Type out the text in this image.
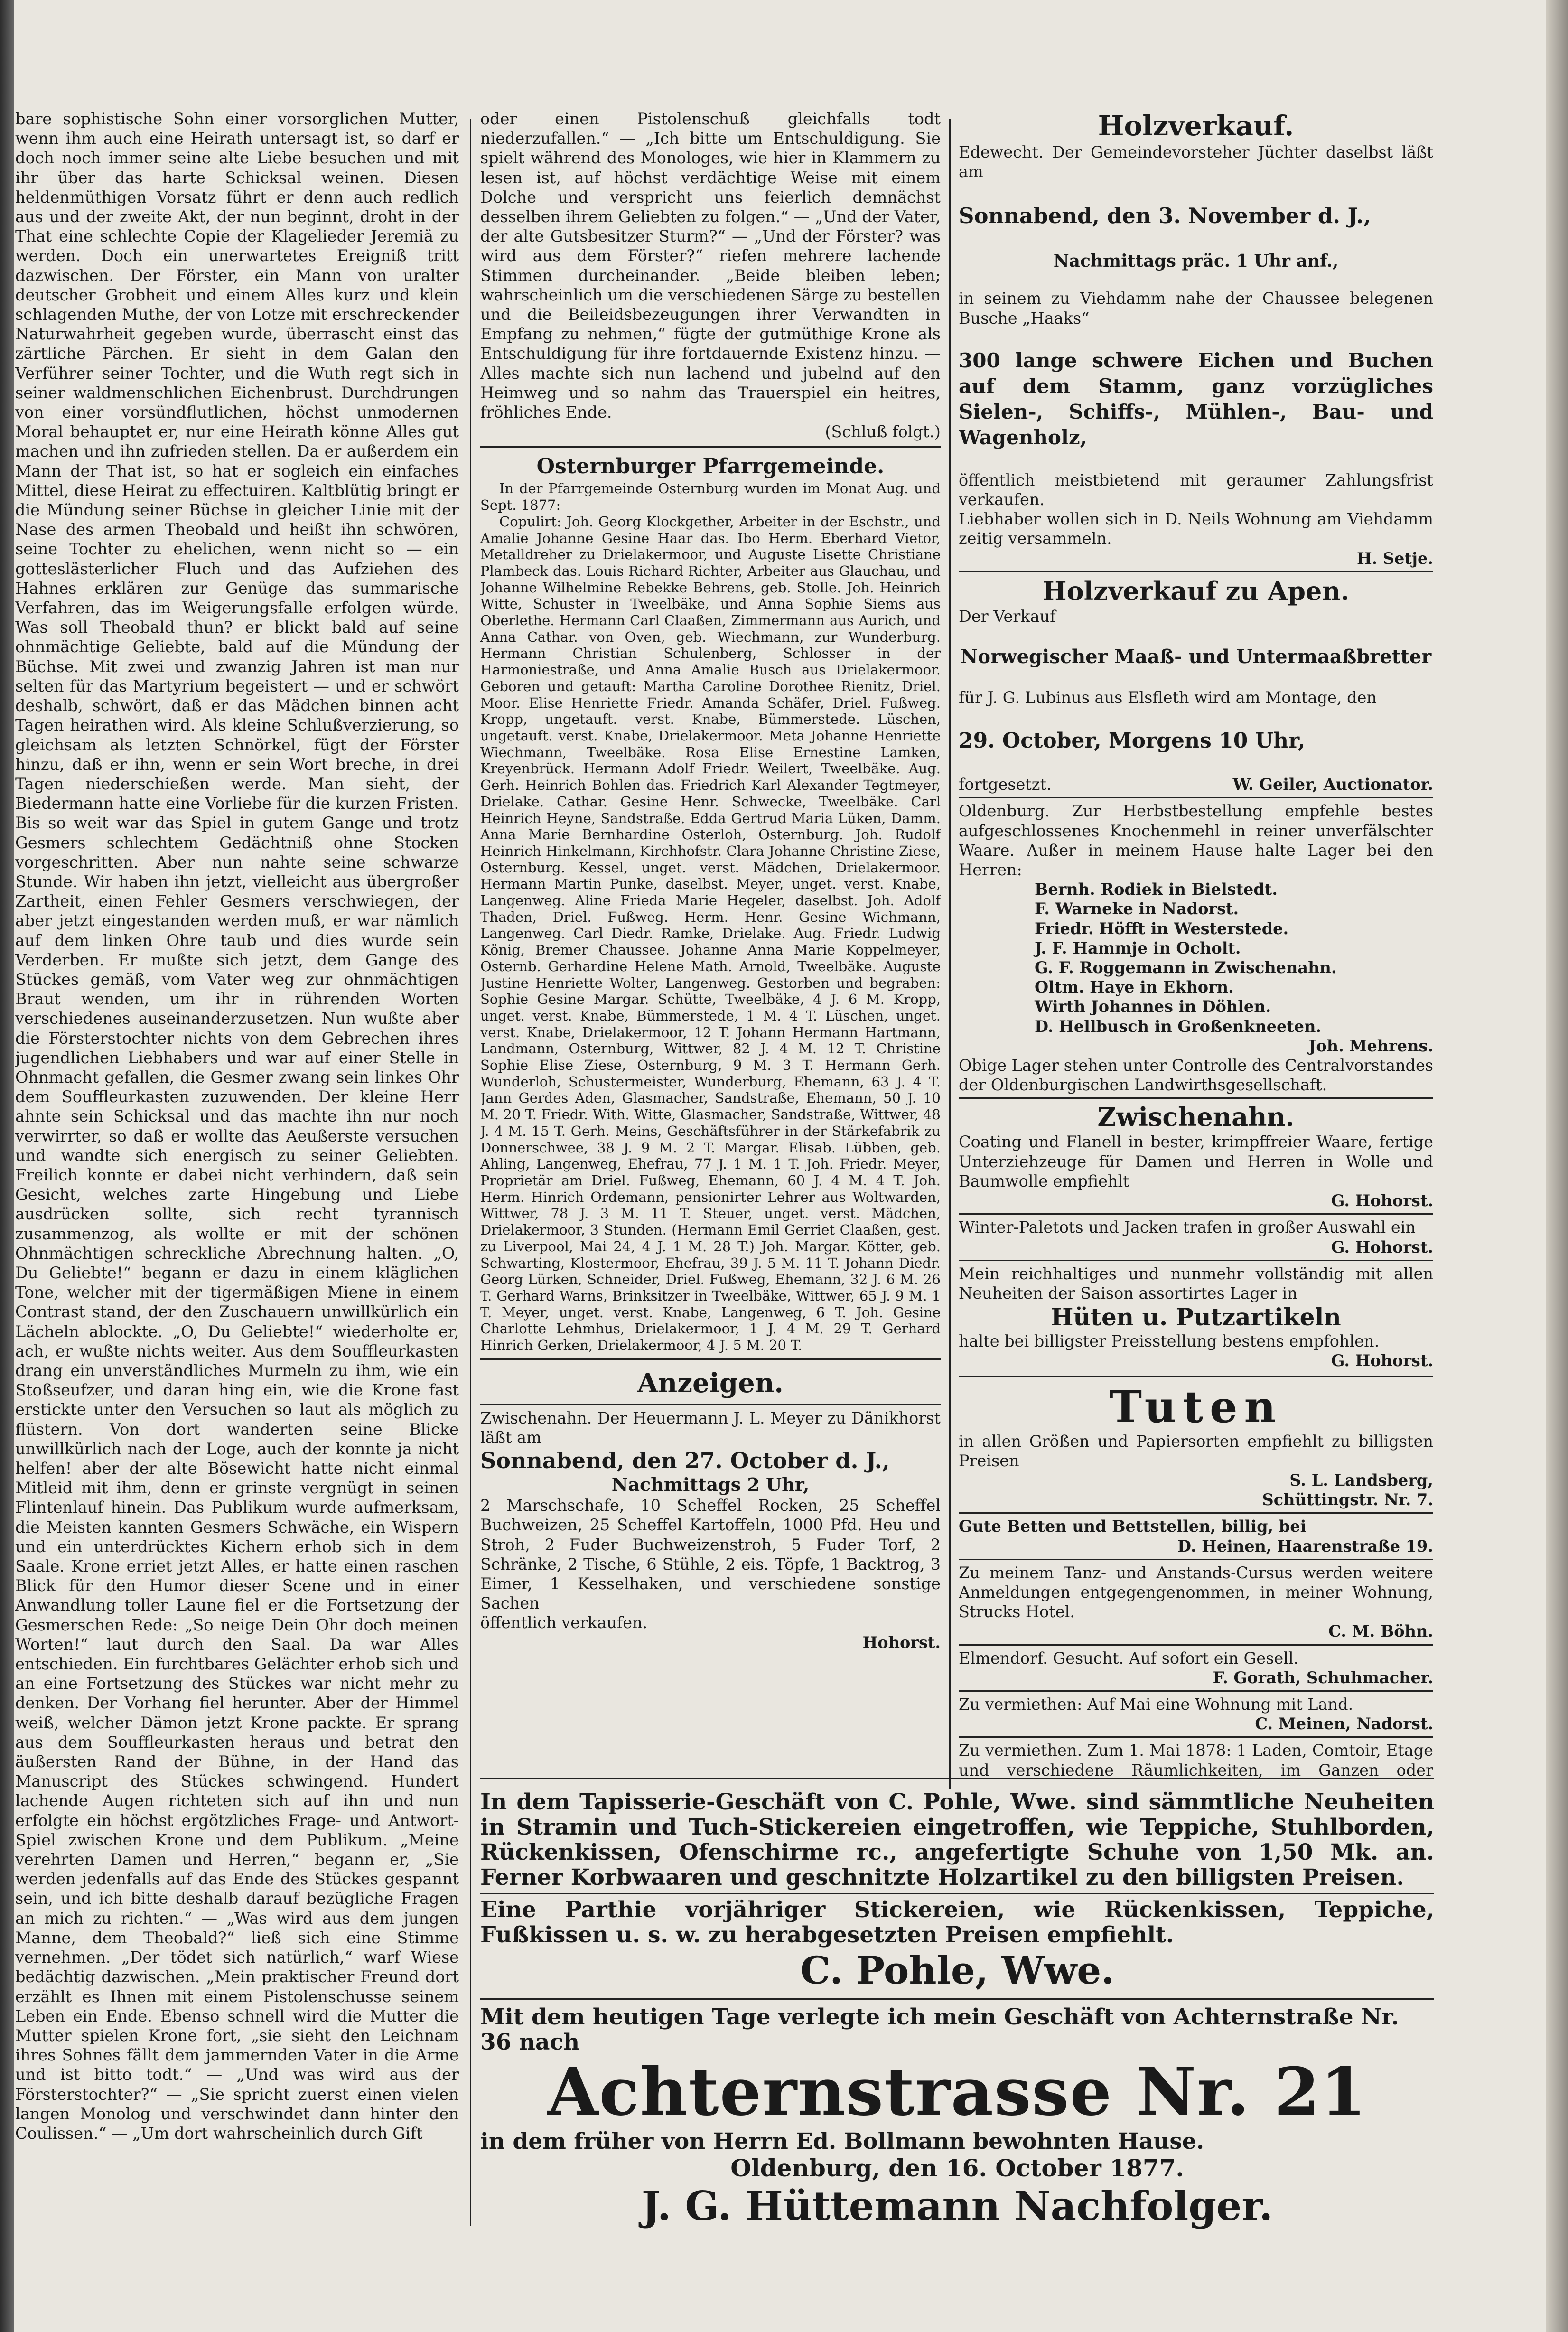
bare sophistische Sohn einer vorsorglichen Mutter, wenn ihm auch eine Heirath untersagt ist, so darf er doch noch immer seine alte Liebe besuchen und mit ihr über das harte Schicksal weinen. Diesen heldenmüthigen Vorsatz führt er denn auch redlich aus und der zweite Akt, der nun beginnt, droht in der That eine schlechte Copie der Klagelieder Jeremiä zu werden. Doch ein unerwartetes Ereigniß tritt dazwischen. Der Förster, ein Mann von uralter deutscher Grobheit und einem Alles kurz und klein schlagenden Muthe, der von Lotze mit erschreckender Naturwahrheit gegeben wurde, überrascht einst das zärtliche Pärchen. Er sieht in dem Galan den Verführer seiner Tochter, und die Wuth regt sich in seiner waldmenschlichen Eichenbrust. Durchdrungen von einer vorsündflutlichen, höchst unmodernen Moral behauptet er, nur eine Heirath könne Alles gut machen und ihn zufrieden stellen. Da er außerdem ein Mann der That ist, so hat er sogleich ein einfaches Mittel, diese Heirat zu effectuiren. Kaltblütig bringt er die Mündung seiner Büchse in gleicher Linie mit der Nase des armen Theobald und heißt ihn schwören, seine Tochter zu ehelichen, wenn nicht so — ein gotteslästerlicher Fluch und das Aufziehen des Hahnes erklären zur Genüge das summarische Verfahren, das im Weigerungsfalle erfolgen würde. Was soll Theobald thun? er blickt bald auf seine ohnmächtige Geliebte, bald auf die Mündung der Büchse. Mit zwei und zwanzig Jahren ist man nur selten für das Martyrium begeistert — und er schwört deshalb, schwört, daß er das Mädchen binnen acht Tagen heirathen wird. Als kleine Schlußverzierung, so gleichsam als letzten Schnörkel, fügt der Förster hinzu, daß er ihn, wenn er sein Wort breche, in drei Tagen niederschießen werde. Man sieht, der Biedermann hatte eine Vorliebe für die kurzen Fristen. Bis so weit war das Spiel in gutem Gange und trotz Gesmers schlechtem Gedächtniß ohne Stocken vorgeschritten. Aber nun nahte seine schwarze Stunde. Wir haben ihn jetzt, vielleicht aus übergroßer Zartheit, einen Fehler Gesmers verschwiegen, der aber jetzt eingestanden werden muß, er war nämlich auf dem linken Ohre taub und dies wurde sein Verderben. Er mußte sich jetzt, dem Gange des Stückes gemäß, vom Vater weg zur ohnmächtigen Braut wenden, um ihr in rührenden Worten verschiedenes auseinanderzusetzen. Nun wußte aber die Försterstochter nichts von dem Gebrechen ihres jugendlichen Liebhabers und war auf einer Stelle in Ohnmacht gefallen, die Gesmer zwang sein linkes Ohr dem Souffleurkasten zuzuwenden. Der kleine Herr ahnte sein Schicksal und das machte ihn nur noch verwirrter, so daß er wollte das Aeußerste versuchen und wandte sich energisch zu seiner Geliebten. Freilich konnte er dabei nicht verhindern, daß sein Gesicht, welches zarte Hingebung und Liebe ausdrücken sollte, sich recht tyrannisch zusammenzog, als wollte er mit der schönen Ohnmächtigen schreckliche Abrechnung halten. „O, Du Geliebte!“ begann er dazu in einem kläglichen Tone, welcher mit der tigermäßigen Miene in einem Contrast stand, der den Zuschauern unwillkürlich ein Lächeln ablockte. „O, Du Geliebte!“ wiederholte er, ach, er wußte nichts weiter. Aus dem Souffleurkasten drang ein unverständliches Murmeln zu ihm, wie ein Stoßseufzer, und daran hing ein, wie die Krone fast erstickte unter den Versuchen so laut als möglich zu flüstern. Von dort wanderten seine Blicke unwillkürlich nach der Loge, auch der konnte ja nicht helfen! aber der alte Bösewicht hatte nicht einmal Mitleid mit ihm, denn er grinste vergnügt in seinen Flintenlauf hinein. Das Publikum wurde aufmerksam, die Meisten kannten Gesmers Schwäche, ein Wispern und ein unterdrücktes Kichern erhob sich in dem Saale. Krone erriet jetzt Alles, er hatte einen raschen Blick für den Humor dieser Scene und in einer Anwandlung toller Laune fiel er die Fortsetzung der Gesmerschen Rede: „So neige Dein Ohr doch meinen Worten!“ laut durch den Saal. Da war Alles entschieden. Ein furchtbares Gelächter erhob sich und an eine Fortsetzung des Stückes war nicht mehr zu denken. Der Vorhang fiel herunter. Aber der Himmel weiß, welcher Dämon jetzt Krone packte. Er sprang aus dem Souffleurkasten heraus und betrat den äußersten Rand der Bühne, in der Hand das Manuscript des Stückes schwingend. Hundert lachende Augen richteten sich auf ihn und nun erfolgte ein höchst ergötzliches Frage- und Antwort-Spiel zwischen Krone und dem Publikum. „Meine verehrten Damen und Herren,“ begann er, „Sie werden jedenfalls auf das Ende des Stückes gespannt sein, und ich bitte deshalb darauf bezügliche Fragen an mich zu richten.“ — „Was wird aus dem jungen Manne, dem Theobald?“ ließ sich eine Stimme vernehmen. „Der tödet sich natürlich,“ warf Wiese bedächtig dazwischen. „Mein praktischer Freund dort erzählt es Ihnen mit einem Pistolenschusse seinem Leben ein Ende. Ebenso schnell wird die Mutter die Mutter spielen Krone fort, „sie sieht den Leichnam ihres Sohnes fällt dem jammernden Vater in die Arme und ist bitto todt.“ — „Und was wird aus der Försterstochter?“ — „Sie spricht zuerst einen vielen langen Monolog und verschwindet dann hinter den Coulissen.“ — „Um dort wahrscheinlich durch Gift

oder einen Pistolenschuß gleichfalls todt niederzufallen.“ — „Ich bitte um Entschuldigung. Sie spielt während des Monologes, wie hier in Klammern zu lesen ist, auf höchst verdächtige Weise mit einem Dolche und verspricht uns feierlich demnächst desselben ihrem Geliebten zu folgen.“ — „Und der Vater, der alte Gutsbesitzer Sturm?“ — „Und der Förster? was wird aus dem Förster?“ riefen mehrere lachende Stimmen durcheinander. „Beide bleiben leben; wahrscheinlich um die verschiedenen Särge zu bestellen und die Beileidsbezeugungen ihrer Verwandten in Empfang zu nehmen,“ fügte der gutmüthige Krone als Entschuldigung für ihre fortdauernde Existenz hinzu. — Alles machte sich nun lachend und jubelnd auf den Heimweg und so nahm das Trauerspiel ein heitres, fröhliches Ende.

(Schluß folgt.)

Osternburger Pfarrgemeinde.

In der Pfarrgemeinde Osternburg wurden im Monat Aug. und Sept. 1877:

Copulirt: Joh. Georg Klockgether, Arbeiter in der Eschstr., und Amalie Johanne Gesine Haar das. Ibo Herm. Eberhard Vietor, Metalldreher zu Drielakermoor, und Auguste Lisette Christiane Plambeck das. Louis Richard Richter, Arbeiter aus Glauchau, und Johanne Wilhelmine Rebekke Behrens, geb. Stolle. Joh. Heinrich Witte, Schuster in Tweelbäke, und Anna Sophie Siems aus Oberlethe. Hermann Carl Claaßen, Zimmermann aus Aurich, und Anna Cathar. von Oven, geb. Wiechmann, zur Wunderburg. Hermann Christian Schulenberg, Schlosser in der Harmoniestraße, und Anna Amalie Busch aus Drielakermoor. Geboren und getauft: Martha Caroline Dorothee Rienitz, Driel. Moor. Elise Henriette Friedr. Amanda Schäfer, Driel. Fußweg. Kropp, ungetauft. verst. Knabe, Bümmerstede. Lüschen, ungetauft. verst. Knabe, Drielakermoor. Meta Johanne Henriette Wiechmann, Tweelbäke. Rosa Elise Ernestine Lamken, Kreyenbrück. Hermann Adolf Friedr. Weilert, Tweelbäke. Aug. Gerh. Heinrich Bohlen das. Friedrich Karl Alexander Tegtmeyer, Drielake. Cathar. Gesine Henr. Schwecke, Tweelbäke. Carl Heinrich Heyne, Sandstraße. Edda Gertrud Maria Lüken, Damm. Anna Marie Bernhardine Osterloh, Osternburg. Joh. Rudolf Heinrich Hinkelmann, Kirchhofstr. Clara Johanne Christine Ziese, Osternburg. Kessel, unget. verst. Mädchen, Drielakermoor. Hermann Martin Punke, daselbst. Meyer, unget. verst. Knabe, Langenweg. Aline Frieda Marie Hegeler, daselbst. Joh. Adolf Thaden, Driel. Fußweg. Herm. Henr. Gesine Wichmann, Langenweg. Carl Diedr. Ramke, Drielake. Aug. Friedr. Ludwig König, Bremer Chaussee. Johanne Anna Marie Koppelmeyer, Osternb. Gerhardine Helene Math. Arnold, Tweelbäke. Auguste Justine Henriette Wolter, Langenweg. Gestorben und begraben: Sophie Gesine Margar. Schütte, Tweelbäke, 4 J. 6 M. Kropp, unget. verst. Knabe, Bümmerstede, 1 M. 4 T. Lüschen, unget. verst. Knabe, Drielakermoor, 12 T. Johann Hermann Hartmann, Landmann, Osternburg, Wittwer, 82 J. 4 M. 12 T. Christine Sophie Elise Ziese, Osternburg, 9 M. 3 T. Hermann Gerh. Wunderloh, Schustermeister, Wunderburg, Ehemann, 63 J. 4 T. Jann Gerdes Aden, Glasmacher, Sandstraße, Ehemann, 50 J. 10 M. 20 T. Friedr. With. Witte, Glasmacher, Sandstraße, Wittwer, 48 J. 4 M. 15 T. Gerh. Meins, Geschäftsführer in der Stärkefabrik zu Donnerschwee, 38 J. 9 M. 2 T. Margar. Elisab. Lübben, geb. Ahling, Langenweg, Ehefrau, 77 J. 1 M. 1 T. Joh. Friedr. Meyer, Proprietär am Driel. Fußweg, Ehemann, 60 J. 4 M. 4 T. Joh. Herm. Hinrich Ordemann, pensionirter Lehrer aus Woltwarden, Wittwer, 78 J. 3 M. 11 T. Steuer, unget. verst. Mädchen, Drielakermoor, 3 Stunden. (Hermann Emil Gerriet Claaßen, gest. zu Liverpool, Mai 24, 4 J. 1 M. 28 T.) Joh. Margar. Kötter, geb. Schwarting, Klostermoor, Ehefrau, 39 J. 5 M. 11 T. Johann Diedr. Georg Lürken, Schneider, Driel. Fußweg, Ehemann, 32 J. 6 M. 26 T. Gerhard Warns, Brinksitzer in Tweelbäke, Wittwer, 65 J. 9 M. 1 T. Meyer, unget. verst. Knabe, Langenweg, 6 T. Joh. Gesine Charlotte Lehmhus, Drielakermoor, 1 J. 4 M. 29 T. Gerhard Hinrich Gerken, Drielakermoor, 4 J. 5 M. 20 T.

Anzeigen.

Zwischenahn. Der Heuermann J. L. Meyer zu Dänikhorst läßt am

Sonnabend, den 27. October d. J.,

Nachmittags 2 Uhr,

2 Marschschafe, 10 Scheffel Rocken, 25 Scheffel Buchweizen, 25 Scheffel Kartoffeln, 1000 Pfd. Heu und Stroh, 2 Fuder Buchweizenstroh, 5 Fuder Torf, 2 Schränke, 2 Tische, 6 Stühle, 2 eis. Töpfe, 1 Backtrog, 3 Eimer, 1 Kesselhaken, und verschiedene sonstige Sachen

öffentlich verkaufen.

Hohorst.

Holzverkauf.

Edewecht. Der Gemeindevorsteher Jüchter daselbst läßt am

Sonnabend, den 3. November d. J.,

Nachmittags präc. 1 Uhr anf.,

in seinem zu Viehdamm nahe der Chaussee belegenen Busche „Haaks“

300 lange schwere Eichen und Buchen auf dem Stamm, ganz vorzügliches Sielen-, Schiffs-, Mühlen-, Bau- und Wagenholz,

öffentlich meistbietend mit geraumer Zahlungsfrist verkaufen.

Liebhaber wollen sich in D. Neils Wohnung am Viehdamm zeitig versammeln.

H. Setje.

Holzverkauf zu Apen.

Der Verkauf

Norwegischer Maaß- und Untermaaßbretter

für J. G. Lubinus aus Elsfleth wird am Montage, den

29. October, Morgens 10 Uhr,

fortgesetzt.	W. Geiler, Auctionator.

Oldenburg. Zur Herbstbestellung empfehle bestes aufgeschlossenes Knochenmehl in reiner unverfälschter Waare. Außer in meinem Hause halte Lager bei den Herren:

Bernh. Rodiek in Bielstedt.

F. Warneke in Nadorst.

Friedr. Höfft in Westerstede.

J. F. Hammje in Ocholt.

G. F. Roggemann in Zwischenahn.

Oltm. Haye in Ekhorn.

Wirth Johannes in Döhlen.

D. Hellbusch in Großenkneeten.

Joh. Mehrens.

Obige Lager stehen unter Controlle des Centralvorstandes der Oldenburgischen Landwirthsgesellschaft.

Zwischenahn.

Coating und Flanell in bester, krimpffreier Waare, fertige Unterziehzeuge für Damen und Herren in Wolle und Baumwolle empfiehlt

G. Hohorst.

Winter-Paletots und Jacken trafen in großer Auswahl ein

G. Hohorst.

Mein reichhaltiges und nunmehr vollständig mit allen Neuheiten der Saison assortirtes Lager in

Hüten u. Putzartikeln

halte bei billigster Preisstellung bestens empfohlen.

G. Hohorst.

Tuten

in allen Größen und Papiersorten empfiehlt zu billigsten Preisen

S. L. Landsberg,

Schüttingstr. Nr. 7.

Gute Betten und Bettstellen, billig, bei

D. Heinen, Haarenstraße 19.

Zu meinem Tanz- und Anstands-Cursus werden weitere Anmeldungen entgegengenommen, in meiner Wohnung, Strucks Hotel.

C. M. Böhn.

Elmendorf. Gesucht. Auf sofort ein Gesell.

F. Gorath, Schuhmacher.

Zu vermiethen: Auf Mai eine Wohnung mit Land.

C. Meinen, Nadorst.

Zu vermiethen. Zum 1. Mai 1878: 1 Laden, Comtoir, Etage und verschiedene Räumlichkeiten, im Ganzen oder

In dem Tapisserie-Geschäft von C. Pohle, Wwe. sind sämmtliche Neuheiten in Stramin und Tuch-Stickereien eingetroffen, wie Teppiche, Stuhlborden, Rückenkissen, Ofenschirme rc., angefertigte Schuhe von 1,50 Mk. an. Ferner Korbwaaren und geschnitzte Holzartikel zu den billigsten Preisen.

Eine Parthie vorjähriger Stickereien, wie Rückenkissen, Teppiche, Fußkissen u. s. w. zu herabgesetzten Preisen empfiehlt.

C. Pohle, Wwe.

Mit dem heutigen Tage verlegte ich mein Geschäft von Achternstraße Nr. 36 nach

Achternstrasse Nr. 21

in dem früher von Herrn Ed. Bollmann bewohnten Hause.

Oldenburg, den 16. October 1877.

J. G. Hüttemann Nachfolger.
